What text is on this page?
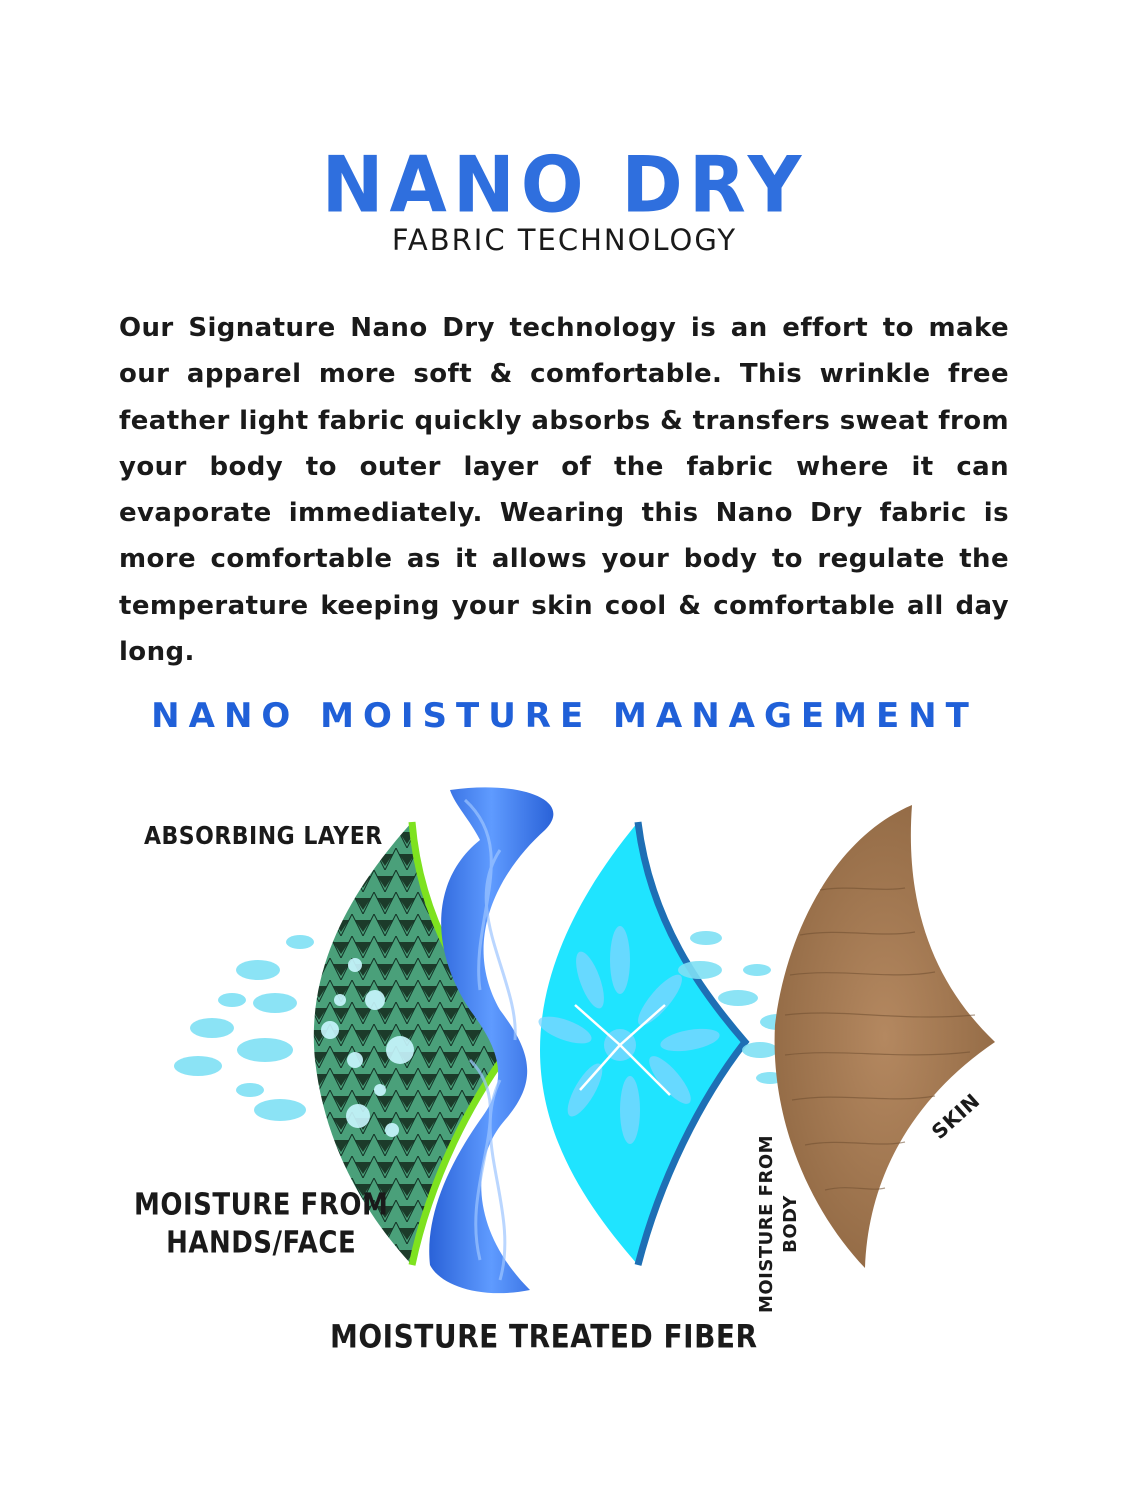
NANO DRY
FABRIC TECHNOLOGY
Our Signature Nano Dry technology is an effort to make our apparel more soft & comfortable. This wrinkle free feather light fabric quickly absorbs & transfers sweat from your body to outer layer of the fabric where it can evaporate immediately. Wearing this Nano Dry fabric is more comfortable as it allows your body to regulate the temperature keeping your skin cool & comfortable all day long.
NANO MOISTURE MANAGEMENT
ABSORBING LAYER
MOISTURE FROM
HANDS/FACE
MOISTURE TREATED FIBER
MOISTURE FROM BODY
SKIN
